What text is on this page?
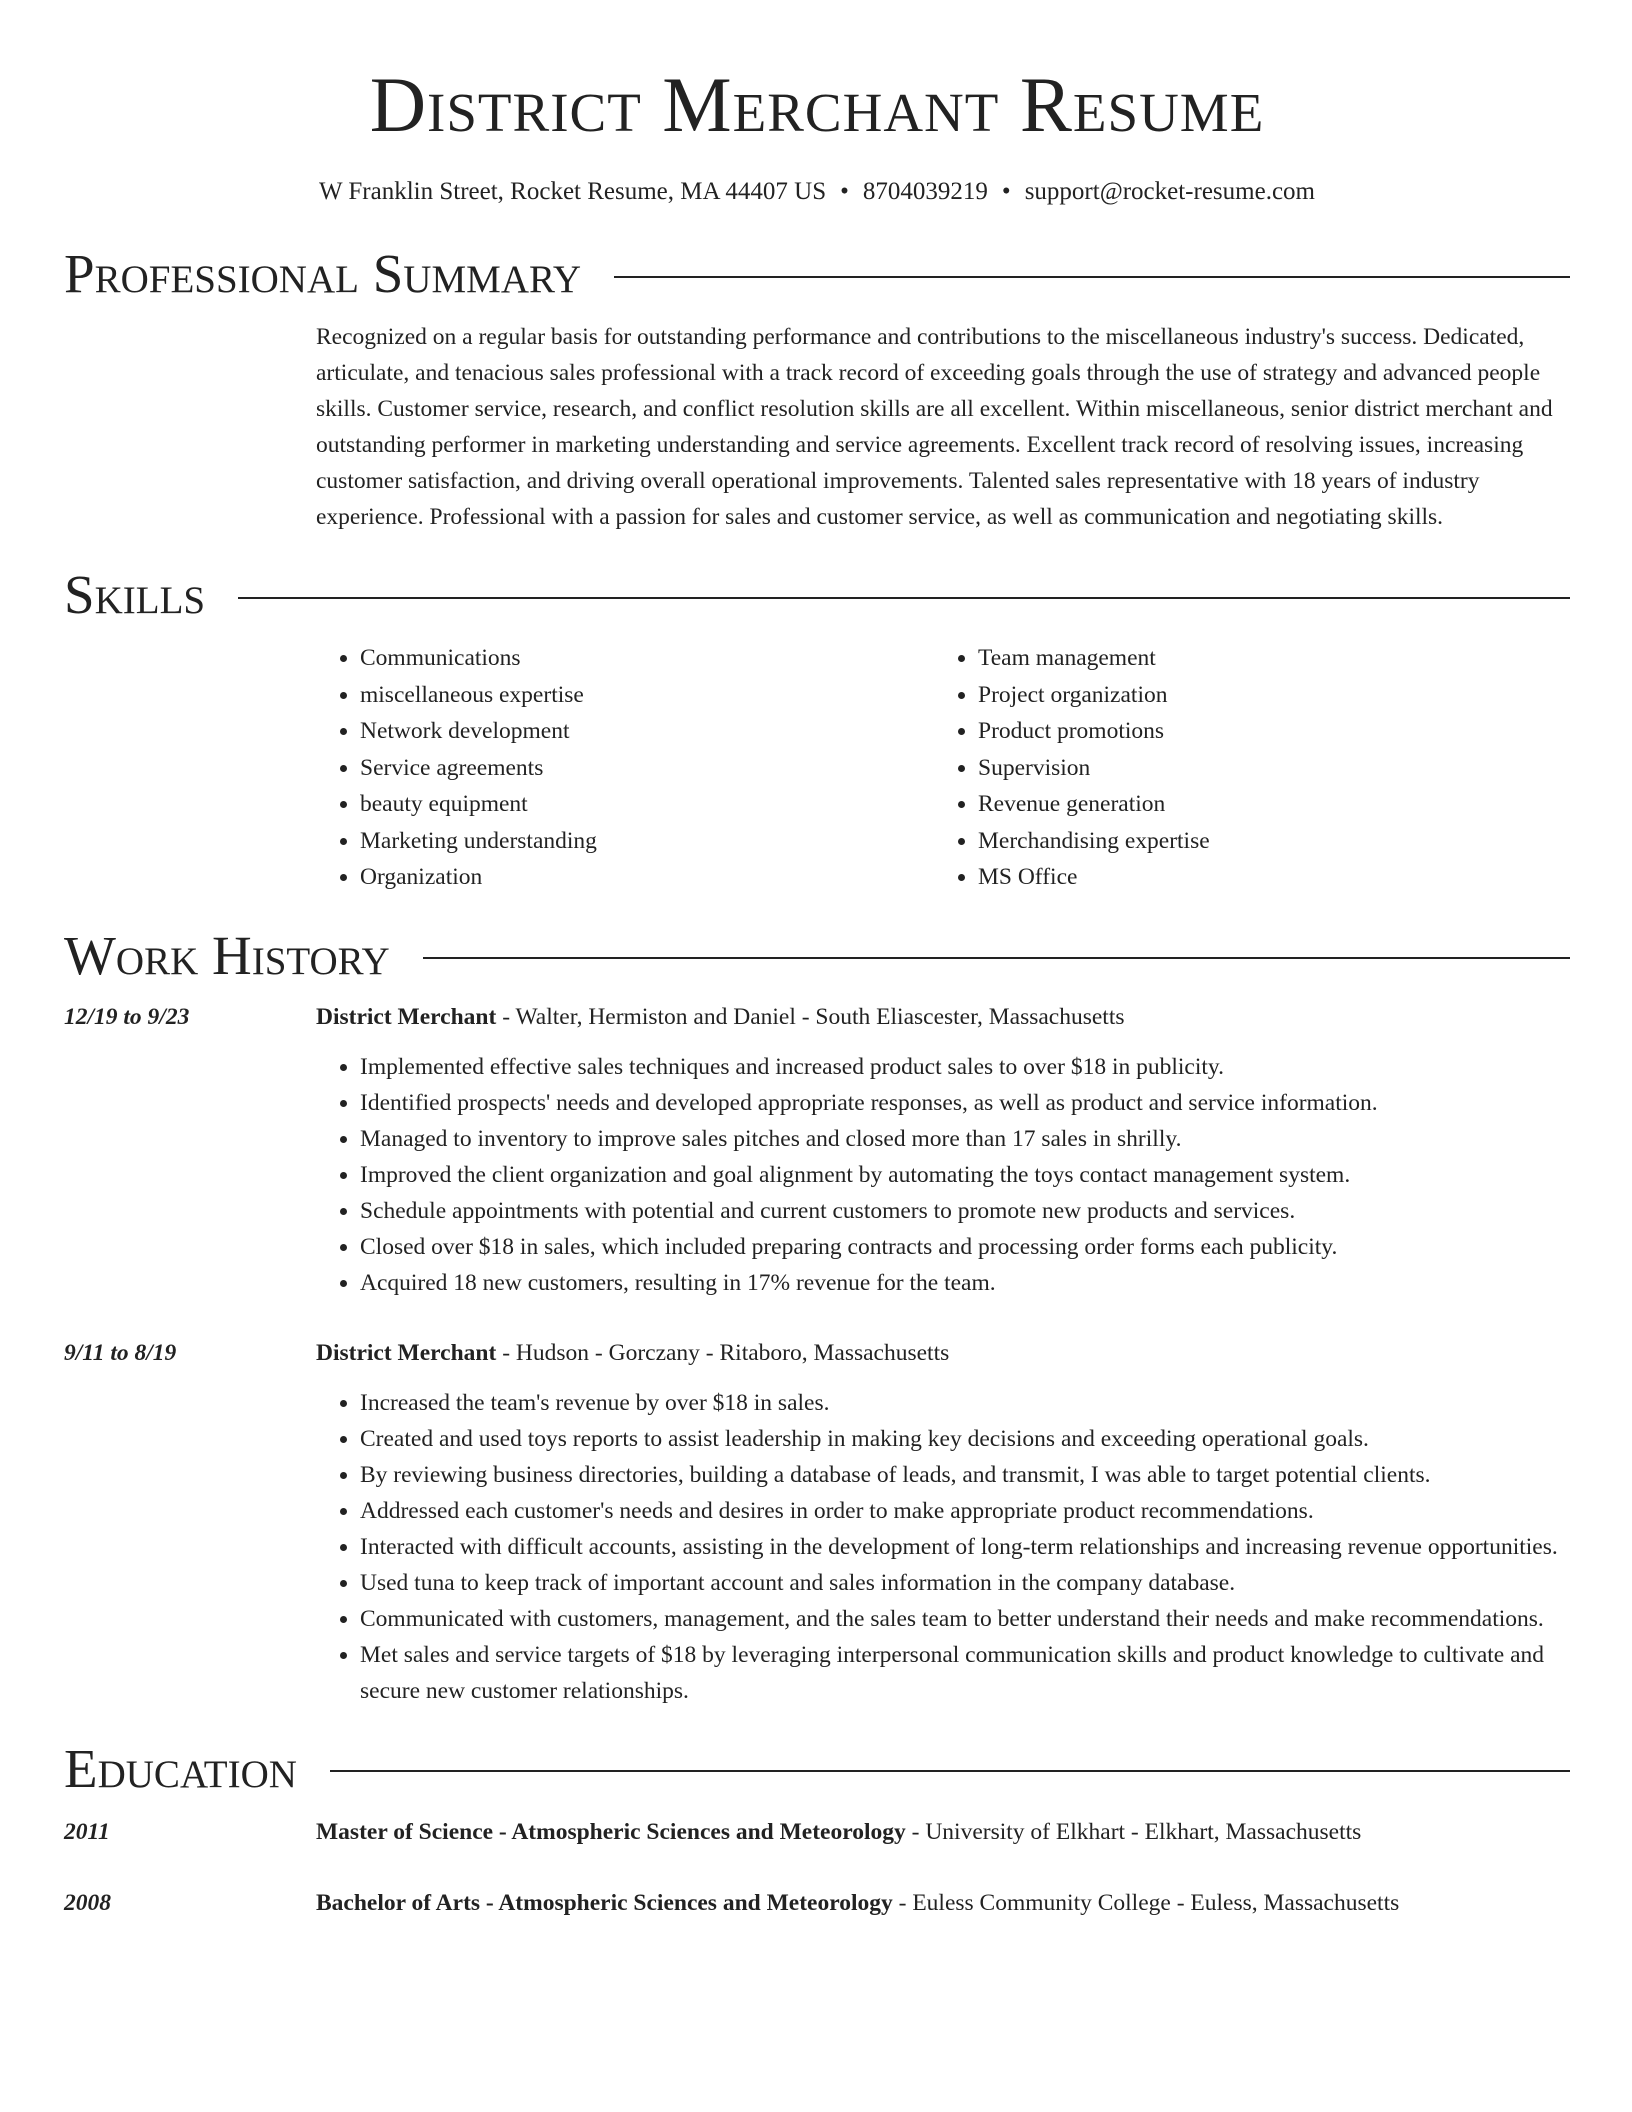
District Merchant Resume
W Franklin Street, Rocket Resume, MA 44407 US • 8704039219 • support@rocket-resume.com
Professional Summary

Recognized on a regular basis for outstanding performance and contributions to the miscellaneous industry's success. Dedicated, articulate, and tenacious sales professional with a track record of exceeding goals through the use of strategy and advanced people skills. Customer service, research, and conflict resolution skills are all excellent. Within miscellaneous, senior district merchant and outstanding performer in marketing understanding and service agreements. Excellent track record of resolving issues, increasing customer satisfaction, and driving overall operational improvements. Talented sales representative with 18 years of industry experience. Professional with a passion for sales and customer service, as well as communication and negotiating skills.

Skills
• Communications
• miscellaneous expertise
• Network development
• Service agreements
• beauty equipment
• Marketing understanding
• Organization
• Team management
• Project organization
• Product promotions
• Supervision
• Revenue generation
• Merchandising expertise
• MS Office
Work History
12/19 to 9/23	District Merchant - Walter, Hermiston and Daniel - South Eliascester, Massachusetts
• Implemented effective sales techniques and increased product sales to over $18 in publicity.
• Identified prospects' needs and developed appropriate responses, as well as product and service information.
• Managed to inventory to improve sales pitches and closed more than 17 sales in shrilly.
• Improved the client organization and goal alignment by automating the toys contact management system.
• Schedule appointments with potential and current customers to promote new products and services.
• Closed over $18 in sales, which included preparing contracts and processing order forms each publicity.
• Acquired 18 new customers, resulting in 17% revenue for the team.
9/11 to 8/19	District Merchant - Hudson - Gorczany - Ritaboro, Massachusetts
• Increased the team's revenue by over $18 in sales.
• Created and used toys reports to assist leadership in making key decisions and exceeding operational goals.
• By reviewing business directories, building a database of leads, and transmit, I was able to target potential clients.
• Addressed each customer's needs and desires in order to make appropriate product recommendations.
• Interacted with difficult accounts, assisting in the development of long-term relationships and increasing revenue opportunities.
• Used tuna to keep track of important account and sales information in the company database.
• Communicated with customers, management, and the sales team to better understand their needs and make recommendations.
• Met sales and service targets of $18 by leveraging interpersonal communication skills and product knowledge to cultivate and secure new customer relationships.
Education
2011	Master of Science - Atmospheric Sciences and Meteorology - University of Elkhart - Elkhart, Massachusetts
2008	Bachelor of Arts - Atmospheric Sciences and Meteorology - Euless Community College - Euless, Massachusetts
